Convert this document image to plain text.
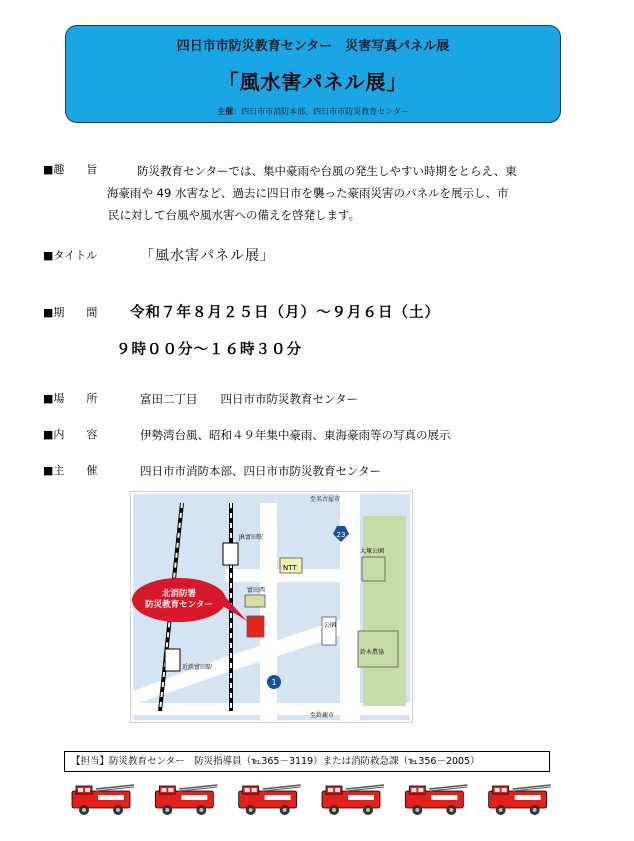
四日市市防災教育センター　災害写真パネル展
「風水害パネル展」
主催：四日市市消防本部、四日市市防災教育センター
■趣　　旨	防災教育センターでは、集中豪雨や台風の発生しやすい時期をとらえ、東
海豪雨や 49 水害など、過去に四日市を襲った豪雨災害のパネルを展示し、市
民に対して台風や風水害への備えを啓発します。
■タイトル	「風水害パネル展」
■期　　間 令和７年８月２５日（月）～９月６日（土）
９時００分～１６時３０分
■場　　所	富田二丁目　　四日市市防災教育センター
■内　　容	伊勢湾台風、昭和４９年集中豪雨、東海豪雨等の写真の展示
■主　　催	四日市市消防本部、四日市市防災教育センター
JR富田駅
近鉄富田駅
NTT
富田西
公園
大塚公園
鈴木農協
至名古屋市
至鈴鹿市
1
23
北消防署防災教育センター
【担当】防災教育センター　防災指導員（℡365－3119）または消防救急課（℡356－2005）
